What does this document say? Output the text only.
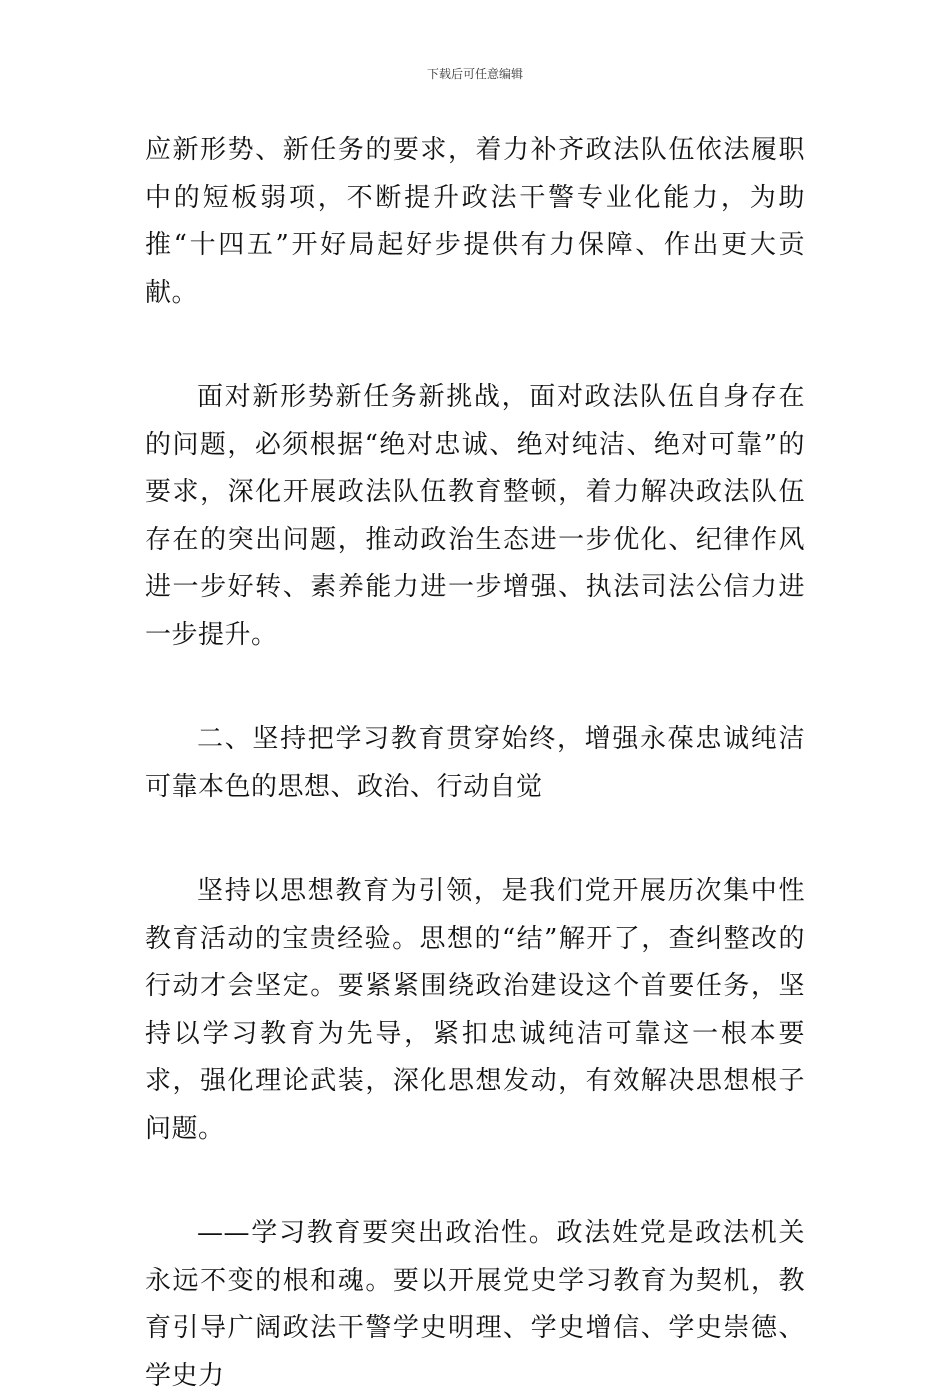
下载后可任意编辑

应新形势、新任务的要求，着力补齐政法队伍依法履职中的短板弱项，不断提升政法干警专业化能力，为助推“十四五”开好局起好步提供有力保障、作出更大贡献。

面对新形势新任务新挑战，面对政法队伍自身存在的问题，必须根据“绝对忠诚、绝对纯洁、绝对可靠”的要求，深化开展政法队伍教育整顿，着力解决政法队伍存在的突出问题，推动政治生态进一步优化、纪律作风进一步好转、素养能力进一步增强、执法司法公信力进一步提升。

二、坚持把学习教育贯穿始终，增强永葆忠诚纯洁可靠本色的思想、政治、行动自觉

坚持以思想教育为引领，是我们党开展历次集中性教育活动的宝贵经验。思想的“结”解开了，查纠整改的行动才会坚定。要紧紧围绕政治建设这个首要任务，坚持以学习教育为先导，紧扣忠诚纯洁可靠这一根本要求，强化理论武装，深化思想发动，有效解决思想根子问题。

——学习教育要突出政治性。政法姓党是政法机关永远不变的根和魂。要以开展党史学习教育为契机，教育引导广阔政法干警学史明理、学史增信、学史崇德、学史力
